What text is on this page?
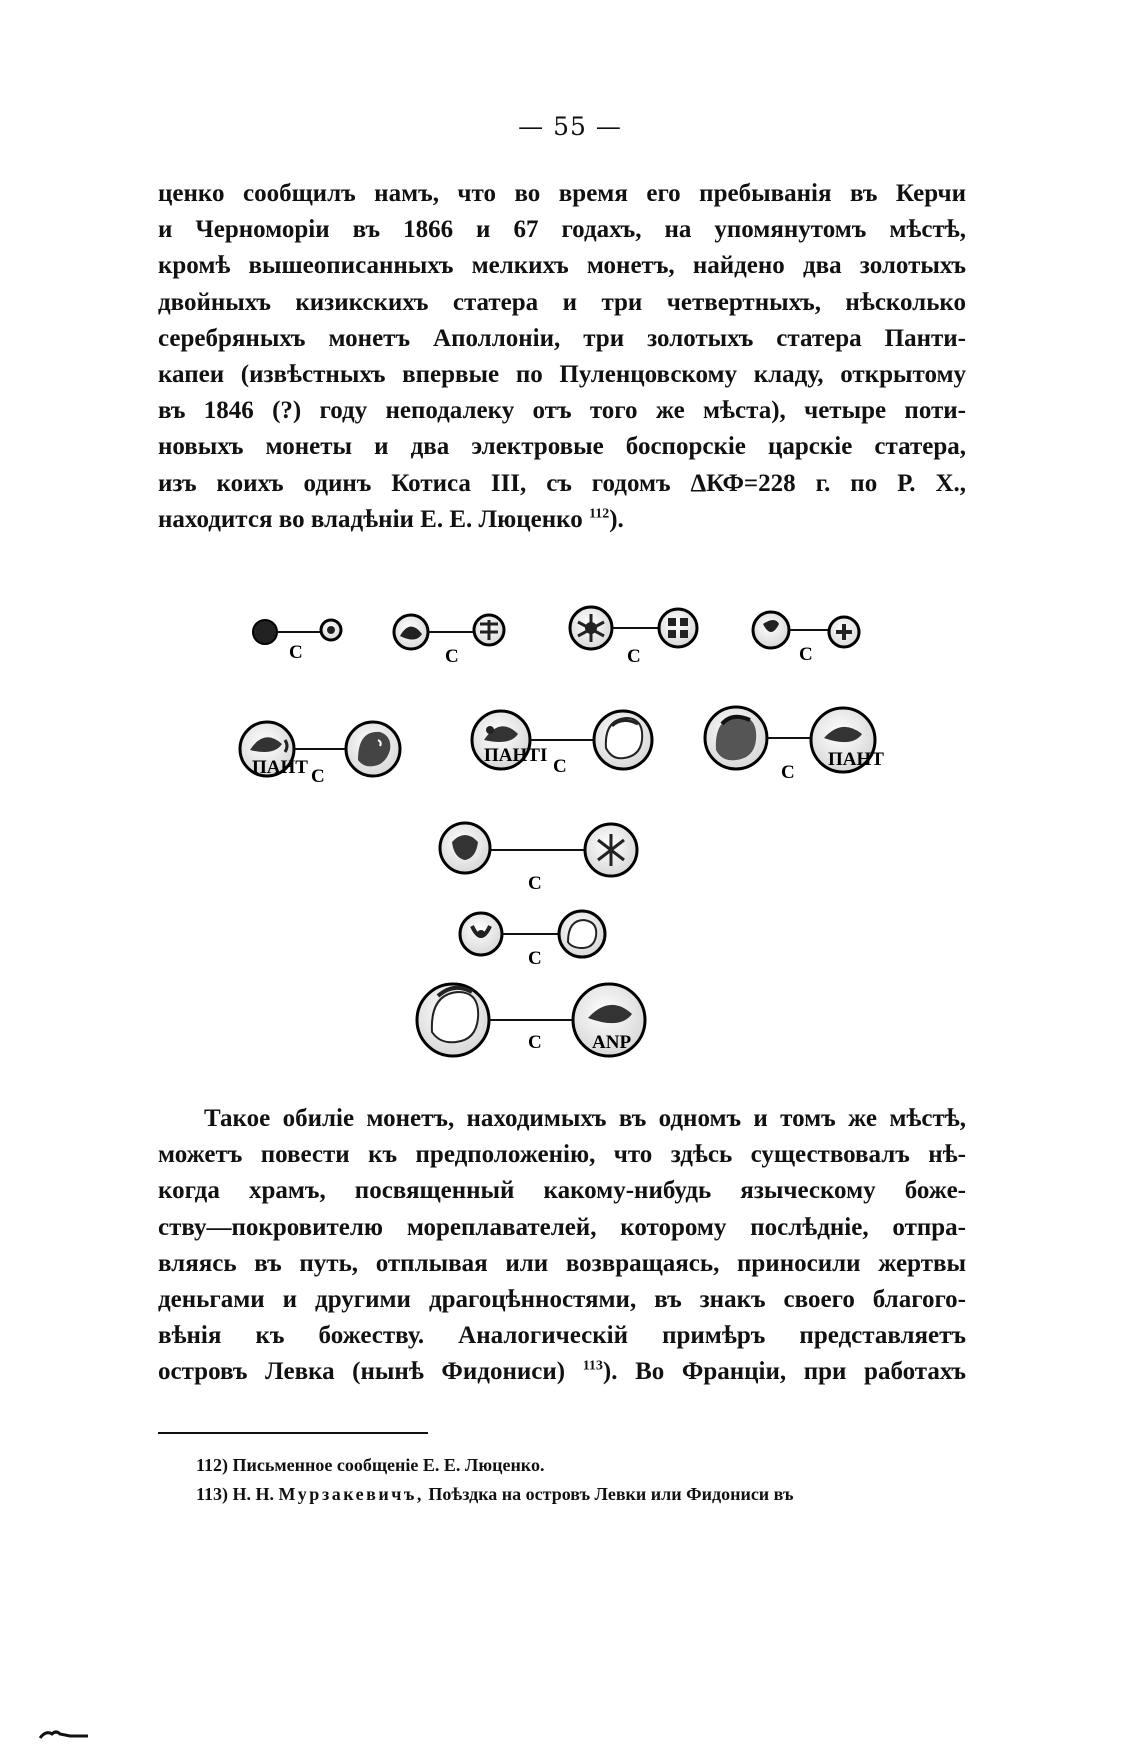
— 55 —
ценко сообщилъ намъ, что во время его пребыванія въ Керчи
и Черноморіи въ 1866 и 67 годахъ, на упомянутомъ мѣстѣ,
кромѣ вышеописанныхъ мелкихъ монетъ, найдено два золотыхъ
двойныхъ кизикскихъ статера и три четвертныхъ, нѣсколько
серебряныхъ монетъ Аполлоніи, три золотыхъ статера Панти-
капеи (извѣстныхъ впервые по Пуленцовскому кладу, открытому
въ 1846 (?) году неподалеку отъ того же мѣста), четыре поти-
новыхъ монеты и два электровые боспорскіе царскіе статера,
изъ коихъ одинъ Котиса III, съ годомъ ΔКФ=228 г. по Р. Х.,
находится во владѣніи Е. Е. Люценко $^{112}$).
С	С	С	С
ПАНТ С
ПАНТІ
С	ПАНТ
С
С
С
ΑΝΡ
С
Такое обиліе монетъ, находимыхъ въ одномъ и томъ же мѣстѣ,
можетъ повести къ предположенію, что здѣсь существовалъ нѣ-
когда храмъ, посвященный какому-нибудь языческому боже-
ству—покровителю мореплавателей, которому послѣдніе, отпра-
вляясь въ путь, отплывая или возвращаясь, приносили жертвы
деньгами и другими драгоцѣнностями, въ знакъ своего благого-
вѣнія къ божеству. Аналогическій примѣръ представляетъ
островъ Левка (нынѣ Фидониси) $^{113}$). Во Франціи, при работахъ
112) Письменное сообщеніе Е. Е. Люценко.
113) Н. Н. Мурзакевичъ, Поѣздка на островъ Левки или Фидониси въ
